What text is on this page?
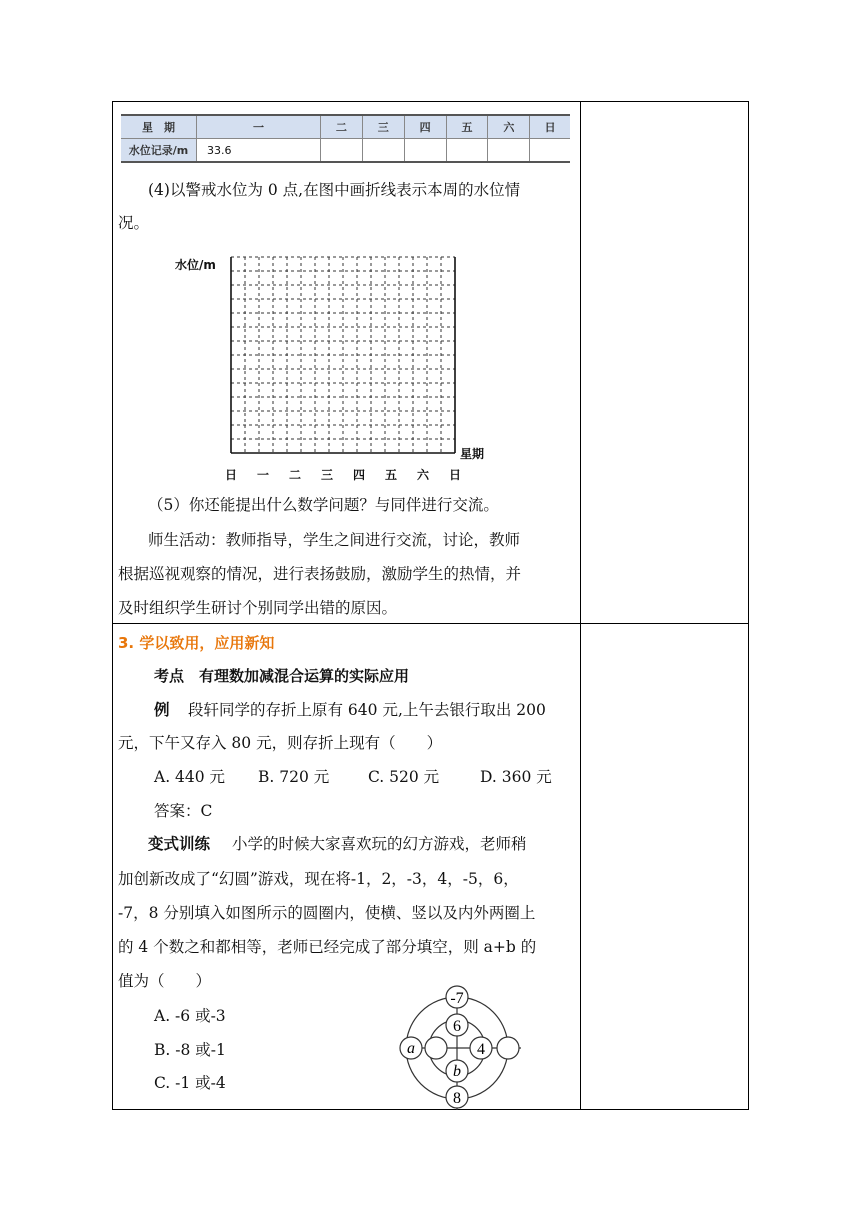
星　期	一	二	三	四	五	六	日
水位记录/m	33.6						
(4)以警戒水位为 0 点,在图中画折线表示本周的水位情
况。
水位/m
星期
日 一 二 三 四 五 六 日
（5）你还能提出什么数学问题？与同伴进行交流。
师生活动：教师指导，学生之间进行交流，讨论，教师
根据巡视观察的情况，进行表扬鼓励，激励学生的热情，并
及时组织学生研讨个别同学出错的原因。
3. 学以致用，应用新知
考点　有理数加减混合运算的实际应用
例 段轩同学的存折上原有 640 元,上午去银行取出 200
元，下午又存入 80 元，则存折上现有（　　）
A. 440 元 B. 720 元 C. 520 元	D. 360 元
答案：C
变式训练 小学的时候大家喜欢玩的幻方游戏，老师稍
加创新改成了“幻圆”游戏，现在将-1，2，-3，4，-5，6，
-7，8 分别填入如图所示的圆圈内，使横、竖以及内外两圈上
的 4 个数之和都相等，老师已经完成了部分填空，则 a+b 的
值为（　　）
A. -6 或-3
B. -8 或-1
C. -1 或-4
-7
6
a	4
b
8
